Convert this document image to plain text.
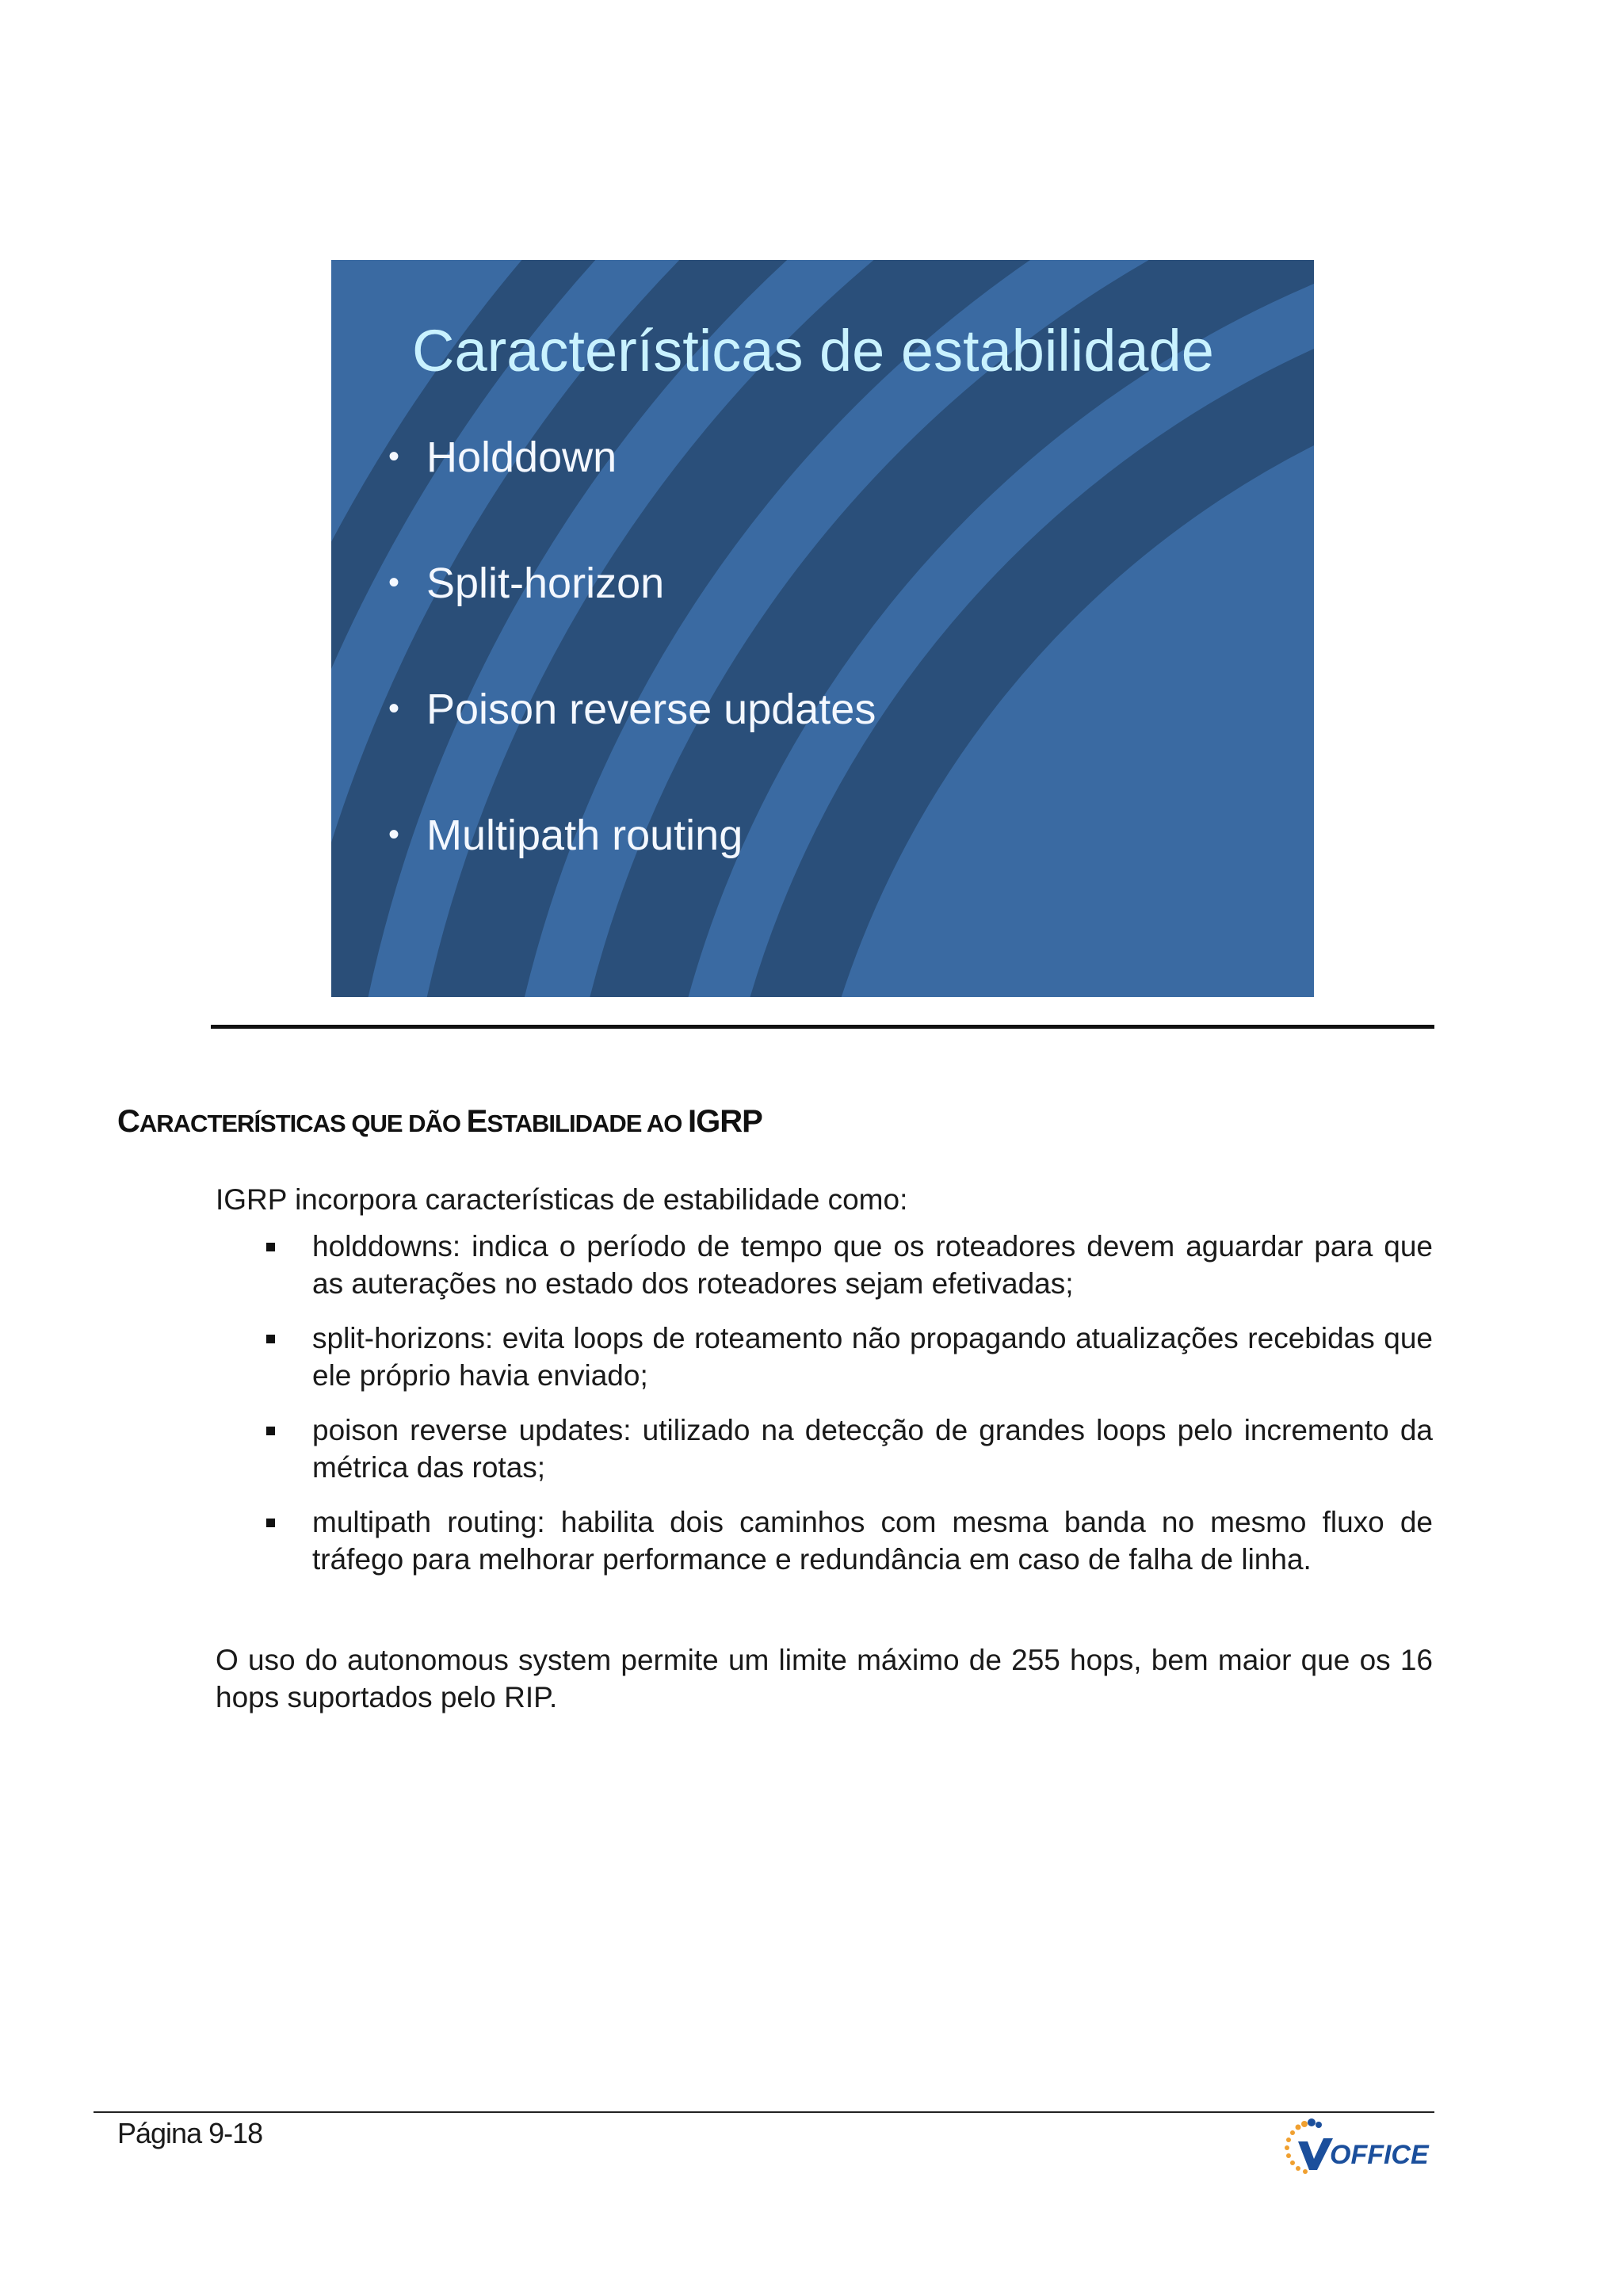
Características de estabilidade
• Holddown
• Split-horizon
• Poison reverse updates
• Multipath routing
CARACTERÍSTICAS QUE DÃO ESTABILIDADE AO IGRP

IGRP incorpora características de estabilidade como:

holddowns: indica o período de tempo que os roteadores devem aguardar para que as auterações no estado dos roteadores sejam efetivadas;
split-horizons: evita loops de roteamento não propagando atualizações recebidas que ele próprio havia enviado;
poison reverse updates: utilizado na detecção de grandes loops pelo incremento da métrica das rotas;
multipath routing: habilita dois caminhos com mesma banda no mesmo fluxo de tráfego para melhorar performance e redundância em caso de falha de linha.

O uso do autonomous system permite um limite máximo de 255 hops, bem maior que os 16 hops suportados pelo RIP.

Página 9-18
OFFICE
